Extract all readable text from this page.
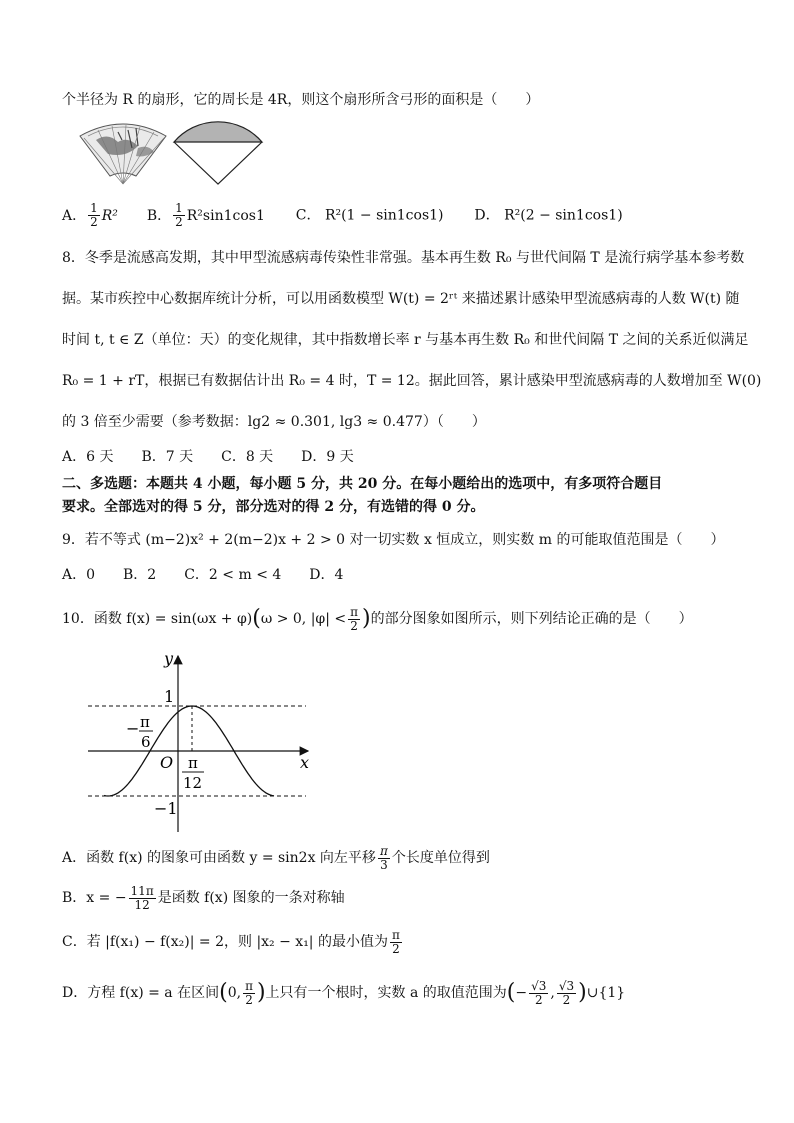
个半径为 R 的扇形，它的周长是 4R，则这个扇形所含弓形的面积是（　　）
A． $\frac{1}{2} R^2$ B． $\frac{1}{2} R^2\sin 1\cos 1$ C． R²(1 − sin1cos1) D． R²(2 − sin1cos1)
8．冬季是流感高发期，其中甲型流感病毒传染性非常强。基本再生数 R₀ 与世代间隔 T 是流行病学基本参考数
据。某市疾控中心数据库统计分析，可以用函数模型 W(t) = 2ʳᵗ 来描述累计感染甲型流感病毒的人数 W(t) 随
时间 t, t ∈ Z（单位：天）的变化规律，其中指数增长率 r 与基本再生数 R₀ 和世代间隔 T 之间的关系近似满足
R₀ = 1 + rT，根据已有数据估计出 R₀ = 4 时，T = 12。据此回答，累计感染甲型流感病毒的人数增加至 W(0)
的 3 倍至少需要（参考数据：lg2 ≈ 0.301, lg3 ≈ 0.477）（　　）
A．6 天　　B．7 天　　C．8 天　　D．9 天
二、多选题：本题共 4 小题，每小题 5 分，共 20 分。在每小题给出的选项中，有多项符合题目
要求。全部选对的得 5 分，部分选对的得 2 分，有选错的得 0 分。
9．若不等式 (m−2)x² + 2(m−2)x + 2 > 0 对一切实数 x 恒成立，则实数 m 的可能取值范围是（　　）
A．0　　B．2　　C．2 < m < 4　　D．4
10．函数 f(x) = sin(ωx + φ)(ω > 0, $|\varphi| < \frac{\pi}{2}$ )的部分图象如图所示，则下列结论正确的是（　　）
y
x
O
1
−1
− π
6
π
12
A．函数 f(x) 的图象可由函数 y = sin2x 向左平移 $\frac{\pi}{3}$ 个长度单位得到
B．x = − $\frac{11\pi}{12}$ 是函数 f(x) 图象的一条对称轴
C．若 |f(x₁) − f(x₂)| = 2，则 |x₂ − x₁| 的最小值为 $\frac{\pi}{2}$
D．方程 f(x) = a 在区间(0, $\frac{\pi}{2}$ )上只有一个根时，实数 a 的取值范围为(− $\frac{√3}{2}$ , $\frac{√3}{2}$ )∪{1}
